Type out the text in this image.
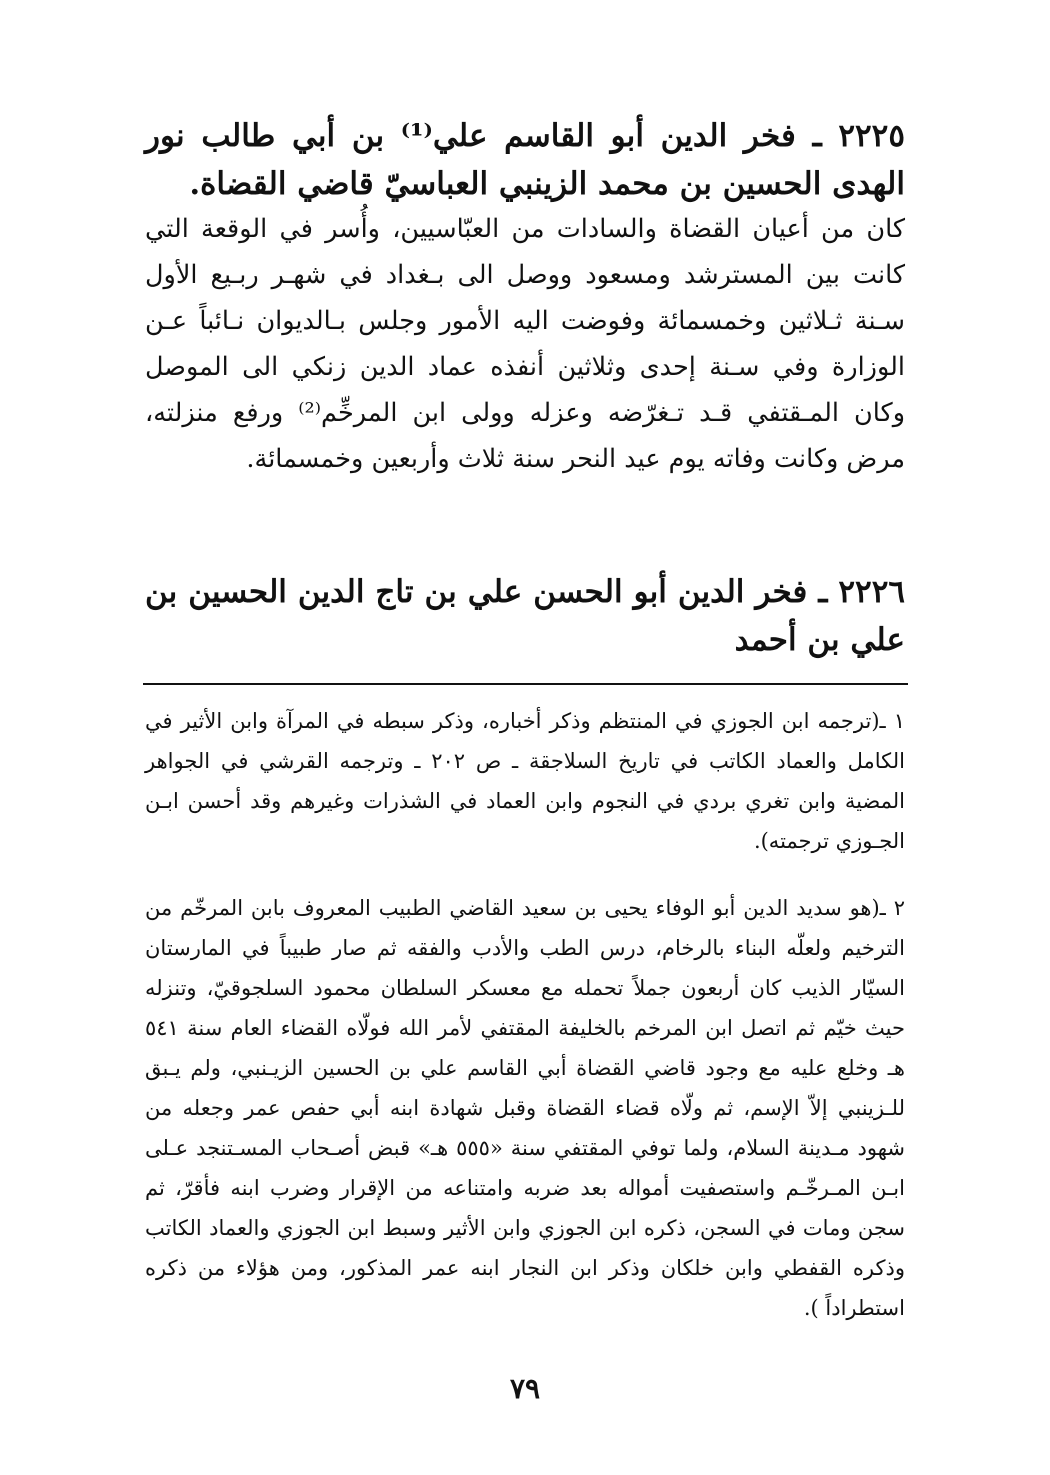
٢٢٢٥ ـ فخر الدين أبو القاسم علي⁽¹⁾ بن أبي طالب نور الهدى الحسين بن محمد الزينبي العباسيّ قاضي القضاة.

كان من أعيان القضاة والسادات من العبّاسيين، وأُسر في الوقعة التي كانت بين المسترشد ومسعود ووصل الى بـغداد في شهـر ربـيع الأول سـنة ثـلاثين وخمسمائة وفوضت اليه الأمور وجلس بـالديوان نـائباً عـن الوزارة وفي سـنة إحدى وثلاثين أنفذه عماد الدين زنكي الى الموصل وكان المـقتفي قـد تـغرّضه وعزله وولى ابن المرخِّم⁽²⁾ ورفع منزلته، مرض وكانت وفاته يوم عيد النحر سنة ثلاث وأربعين وخمسمائة.

٢٢٢٦ ـ فخر الدين أبو الحسن علي بن تاج الدين الحسين بن علي بن أحمد

١ ـ(ترجمه ابن الجوزي في المنتظم وذكر أخباره، وذكر سبطه في المرآة وابن الأثير في الكامل والعماد الكاتب في تاريخ السلاجقة ـ ص ٢٠٢ ـ وترجمه القرشي في الجواهر المضية وابن تغري بردي في النجوم وابن العماد في الشذرات وغيرهم وقد أحسن ابـن الجـوزي ترجمته).

٢ ـ(هو سديد الدين أبو الوفاء يحيى بن سعيد القاضي الطبيب المعروف بابن المرخّم من الترخيم ولعلّه البناء بالرخام، درس الطب والأدب والفقه ثم صار طبيباً في المارستان السيّار الذيب كان أربعون جملاً تحمله مع معسكر السلطان محمود السلجوقيّ، وتنزله حيث خيّم ثم اتصل ابن المرخم بالخليفة المقتفي لأمر الله فولّاه القضاء العام سنة ٥٤١ هـ وخلع عليه مع وجود قاضي القضاة أبي القاسم علي بن الحسين الزيـنبي، ولم يـبق للـزينبي إلاّ الإسم، ثم ولّاه قضاء القضاة وقبل شهادة ابنه أبي حفص عمر وجعله من شهود مـدينة السلام، ولما توفي المقتفي سنة «٥٥٥ هـ» قبض أصـحاب المسـتنجد عـلى ابـن المـرخّـم واستصفيت أمواله بعد ضربه وامتناعه من الإقرار وضرب ابنه فأقرّ، ثم سجن ومات في السجن، ذكره ابن الجوزي وابن الأثير وسبط ابن الجوزي والعماد الكاتب وذكره القفطي وابن خلكان وذكر ابن النجار ابنه عمر المذكور، ومن هؤلاء من ذكره استطراداً ).

٧٩
